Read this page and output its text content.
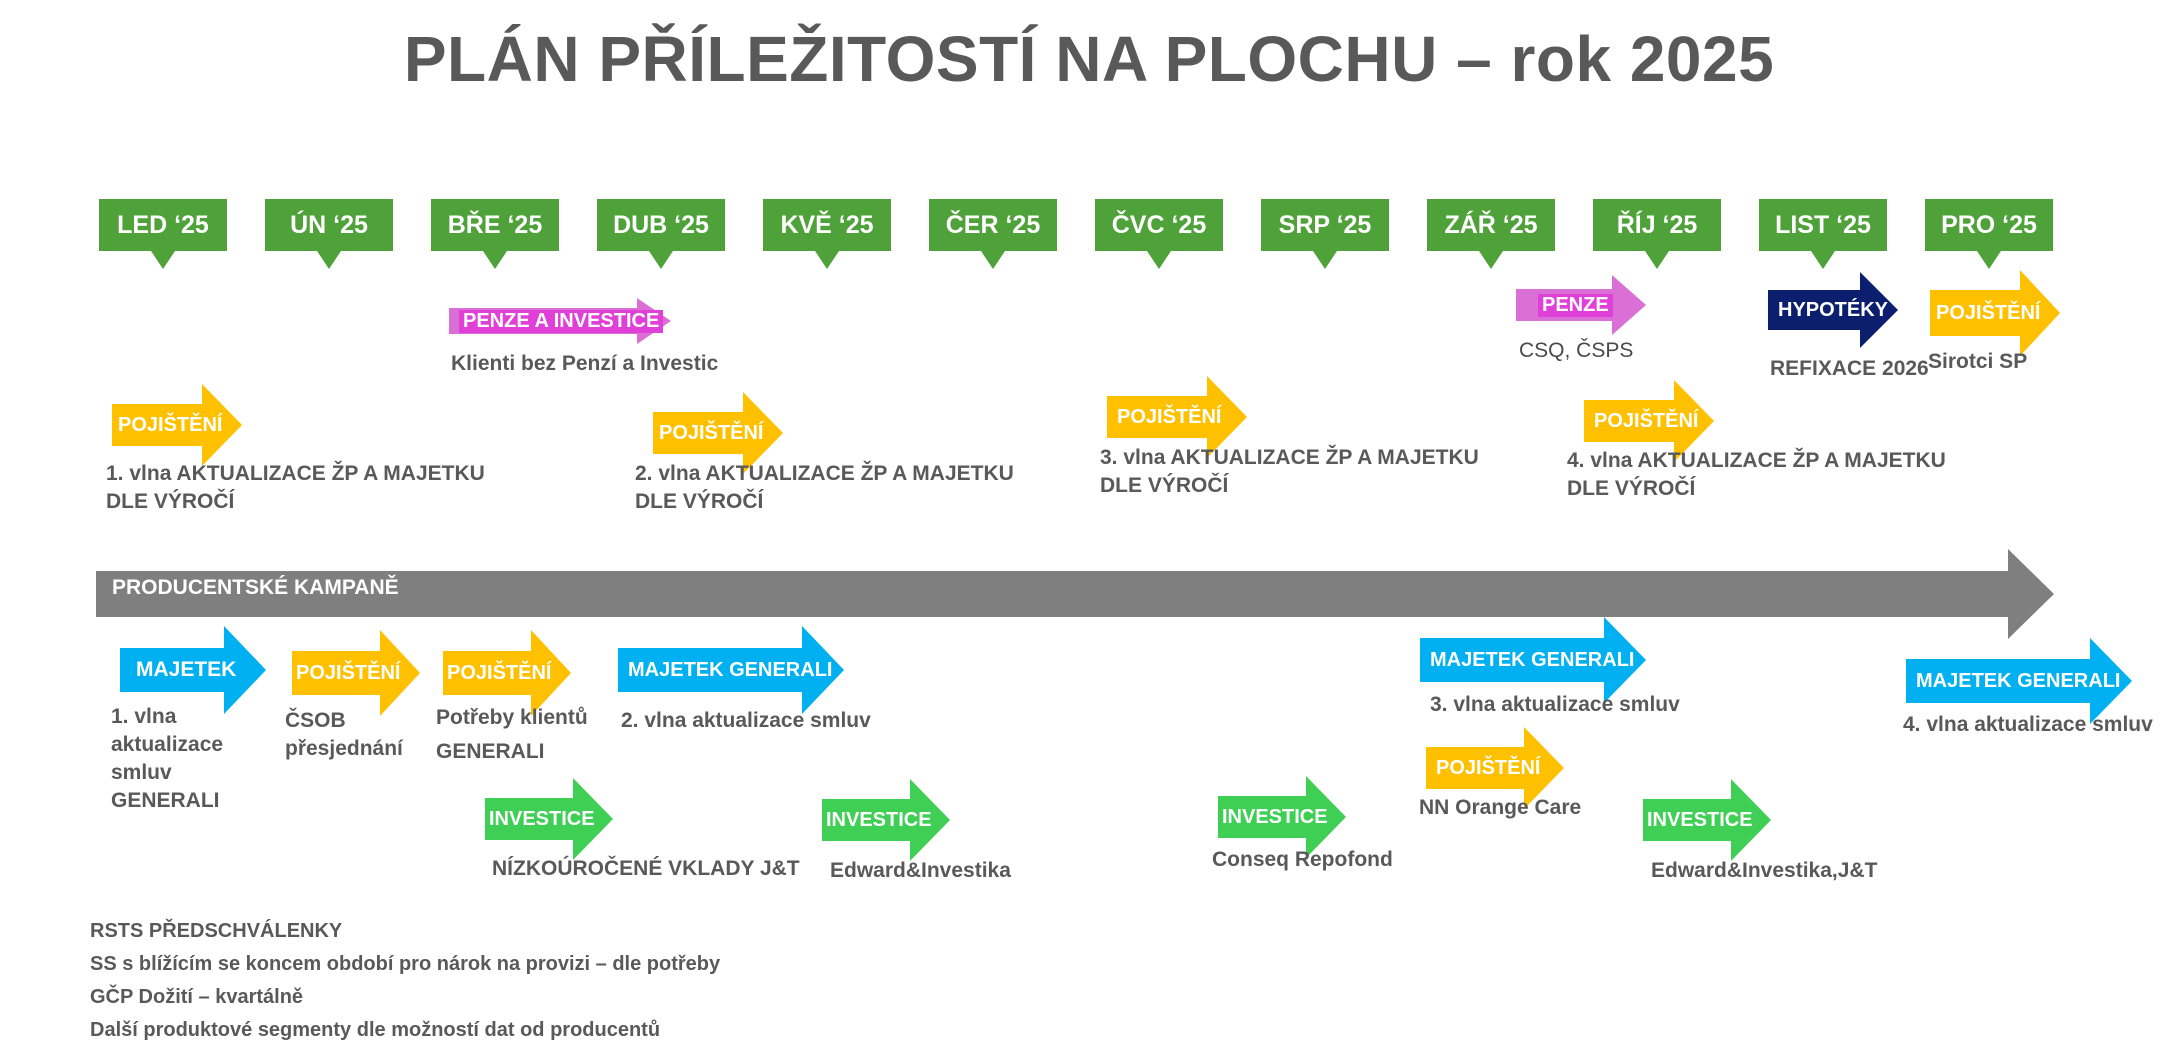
PLÁN PŘÍLEŽITOSTÍ NA PLOCHU – rok 2025
LED ‘25	ÚN ‘25	BŘE ‘25	DUB ‘25	KVĚ ‘25	ČER ‘25	ČVC ‘25	SRP ‘25	ZÁŘ ‘25	ŘÍJ ‘25	LIST ‘25	PRO ‘25
PENZE A INVESTICE
Klienti bez Penzí a Investic
PENZE
CSQ, ČSPS
HYPOTÉKY
REFIXACE 2026
POJIŠTĚNÍ
Sirotci SP
POJIŠTĚNÍ
1. vlna AKTUALIZACE ŽP A MAJETKU
DLE VÝROČÍ
POJIŠTĚNÍ
2. vlna AKTUALIZACE ŽP A MAJETKU
DLE VÝROČÍ
POJIŠTĚNÍ
3. vlna AKTUALIZACE ŽP A MAJETKU
DLE VÝROČÍ
POJIŠTĚNÍ
4. vlna AKTUALIZACE ŽP A MAJETKU
DLE VÝROČÍ
PRODUCENTSKÉ KAMPANĚ
MAJETEK
1. vlna
aktualizace
smluv
GENERALI
POJIŠTĚNÍ
ČSOB
přesjednání
POJIŠTĚNÍ
Potřeby klientů
GENERALI
MAJETEK GENERALI
2. vlna aktualizace smluv
MAJETEK GENERALI
3. vlna aktualizace smluv
MAJETEK GENERALI
4. vlna aktualizace smluv
INVESTICE
NÍZKOÚROČENÉ VKLADY J&T
INVESTICE
Edward&Investika
INVESTICE
Conseq Repofond
POJIŠTĚNÍ
NN Orange Care
INVESTICE
Edward&Investika,J&T
RSTS PŘEDSCHVÁLENKY
SS s blížícím se koncem období pro nárok na provizi – dle potřeby
GČP Dožití – kvartálně
Další produktové segmenty dle možností dat od producentů
